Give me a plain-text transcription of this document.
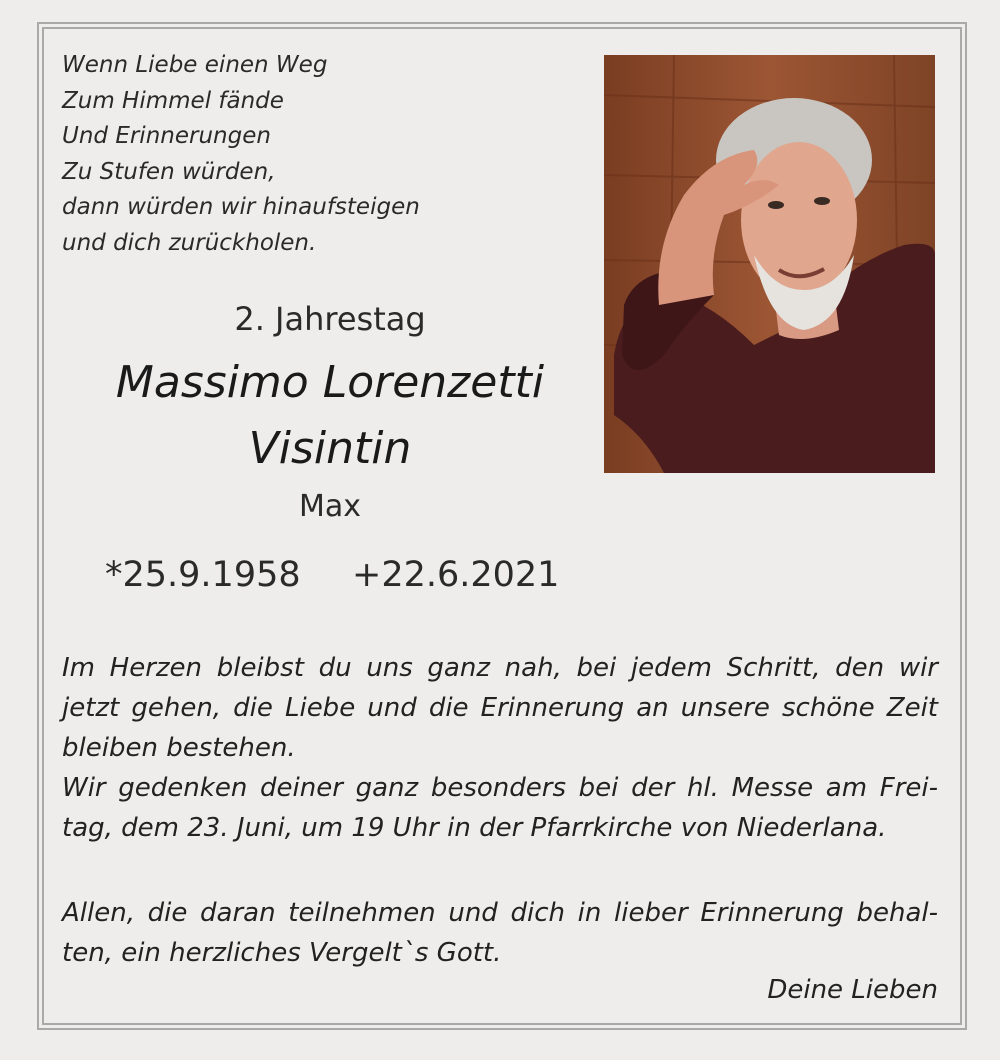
Wenn Liebe einen Weg
Zum Himmel fände
Und Erinnerungen
Zu Stufen würden,
dann würden wir hinaufsteigen
und dich zurückholen.
2. Jahrestag
Massimo Lorenzetti
Visintin
Max
*25.9.1958 +22.6.2021
Im Herzen bleibst du uns ganz nah, bei jedem Schritt, den wir
jetzt gehen, die Liebe und die Erinnerung an unsere schöne Zeit
bleiben bestehen.
Wir gedenken deiner ganz besonders bei der hl. Messe am Frei-
tag, dem 23. Juni, um 19 Uhr in der Pfarrkirche von Niederlana.
Allen, die daran teilnehmen und dich in lieber Erinnerung behal-
ten, ein herzliches Vergelt`s Gott.
Deine Lieben
